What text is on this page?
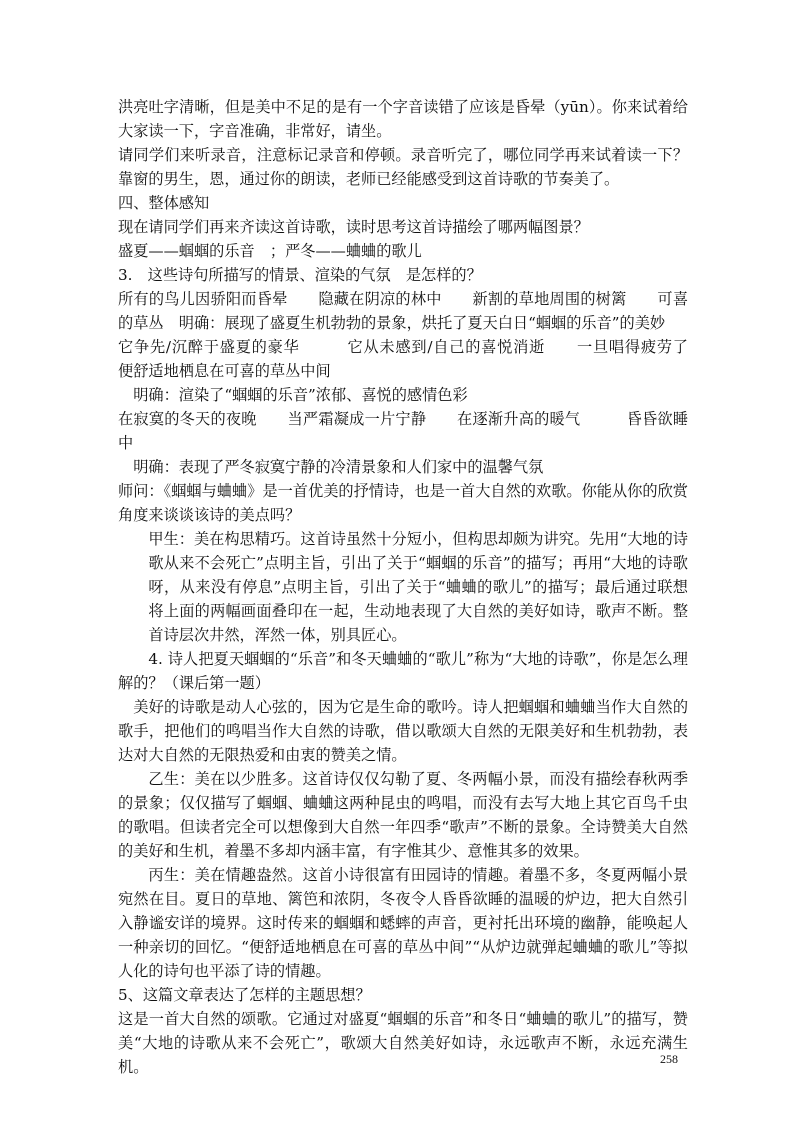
洪亮吐字清晰，但是美中不足的是有一个字音读错了应该是昏晕（yūn）。你来试着给大家读一下，字音准确，非常好，请坐。

请同学们来听录音，注意标记录音和停顿。录音听完了，哪位同学再来试着读一下？靠窗的男生，恩，通过你的朗读，老师已经能感受到这首诗歌的节奏美了。

四、整体感知

现在请同学们再来齐读这首诗歌，读时思考这首诗描绘了哪两幅图景？

盛夏——蝈蝈的乐音　；严冬——蛐蛐的歌儿

3.　这些诗句所描写的情景、渲染的气氛　是怎样的？

所有的鸟儿因骄阳而昏晕　　隐藏在阴凉的林中　　新割的草地周围的树篱　　可喜的草丛　明确：展现了盛夏生机勃勃的景象，烘托了夏天白日“蝈蝈的乐音”的美妙

它争先/沉醉于盛夏的豪华　　　它从未感到/自己的喜悦消逝　　一旦唱得疲劳了　　　便舒适地栖息在可喜的草丛中间

明确：渲染了“蝈蝈的乐音”浓郁、喜悦的感情色彩

在寂寞的冬天的夜晚　　当严霜凝成一片宁静　　在逐渐升高的暖气　　　昏昏欲睡中

明确：表现了严冬寂寞宁静的冷清景象和人们家中的温馨气氛

师问：《蝈蝈与蛐蛐》是一首优美的抒情诗，也是一首大自然的欢歌。你能从你的欣赏角度来谈谈该诗的美点吗？

甲生：美在构思精巧。这首诗虽然十分短小，但构思却颇为讲究。先用“大地的诗歌从来不会死亡”点明主旨，引出了关于“蝈蝈的乐音”的描写；再用“大地的诗歌呀，从来没有停息”点明主旨，引出了关于“蛐蛐的歌儿”的描写；最后通过联想将上面的两幅画面叠印在一起，生动地表现了大自然的美好如诗，歌声不断。整首诗层次井然，浑然一体，别具匠心。

4. 诗人把夏天蝈蝈的“乐音”和冬天蛐蛐的“歌儿”称为“大地的诗歌”，你是怎么理解的？（课后第一题）

美好的诗歌是动人心弦的，因为它是生命的歌吟。诗人把蝈蝈和蛐蛐当作大自然的歌手，把他们的鸣唱当作大自然的诗歌，借以歌颂大自然的无限美好和生机勃勃，表达对大自然的无限热爱和由衷的赞美之情。

乙生：美在以少胜多。这首诗仅仅勾勒了夏、冬两幅小景，而没有描绘春秋两季的景象；仅仅描写了蝈蝈、蛐蛐这两种昆虫的鸣唱，而没有去写大地上其它百鸟千虫的歌唱。但读者完全可以想像到大自然一年四季“歌声”不断的景象。全诗赞美大自然的美好和生机，着墨不多却内涵丰富，有字惟其少、意惟其多的效果。

丙生：美在情趣盎然。这首小诗很富有田园诗的情趣。着墨不多，冬夏两幅小景宛然在目。夏日的草地、篱笆和浓阴，冬夜令人昏昏欲睡的温暖的炉边，把大自然引入静谧安详的境界。这时传来的蝈蝈和蟋蟀的声音，更衬托出环境的幽静，能唤起人一种亲切的回忆。“便舒适地栖息在可喜的草丛中间”“从炉边就弹起蛐蛐的歌儿”等拟人化的诗句也平添了诗的情趣。

5、这篇文章表达了怎样的主题思想？

这是一首大自然的颂歌。它通过对盛夏“蝈蝈的乐音”和冬日“蛐蛐的歌儿”的描写，赞美“大地的诗歌从来不会死亡”，歌颂大自然美好如诗，永远歌声不断，永远充满生机。	258
